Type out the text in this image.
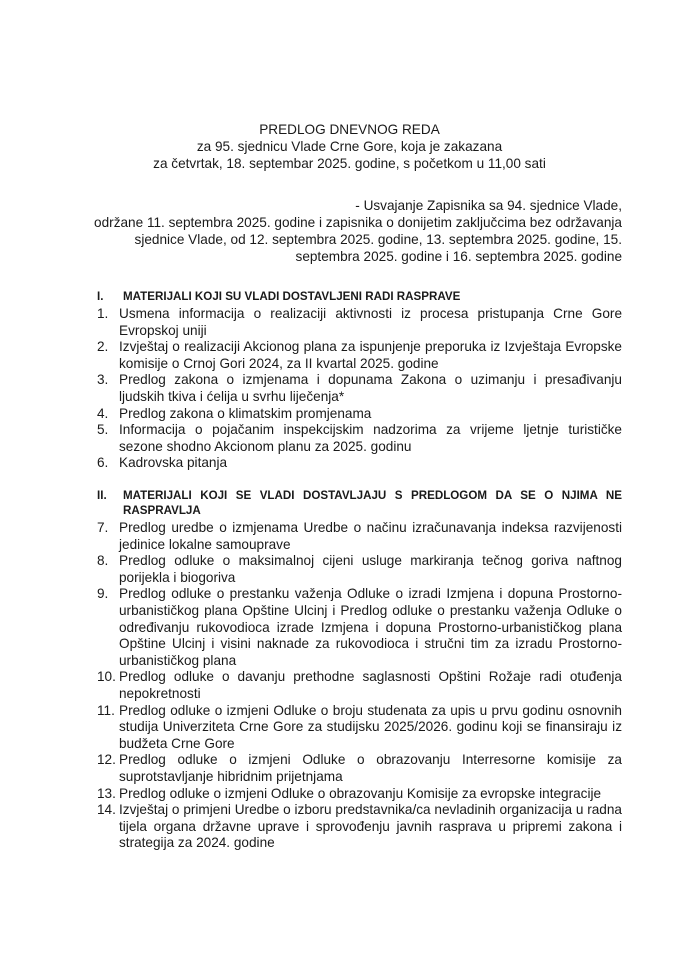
PREDLOG DNEVNOG REDA
za 95. sjednicu Vlade Crne Gore, koja je zakazana
za četvrtak, 18. septembar 2025. godine, s početkom u 11,00 sati
- Usvajanje Zapisnika sa 94. sjednice Vlade,
održane 11. septembra 2025. godine i zapisnika o donijetim zaključcima bez održavanja
sjednice Vlade, od 12. septembra 2025. godine, 13. septembra 2025. godine, 15.
septembra 2025. godine i 16. septembra 2025. godine
I.	MATERIJALI KOJI SU VLADI DOSTAVLJENI RADI RASPRAVE
1. Usmena informacija o realizaciji aktivnosti iz procesa pristupanja Crne Gore Evropskoj uniji
2. Izvještaj o realizaciji Akcionog plana za ispunjenje preporuka iz Izvještaja Evropske komisije o Crnoj Gori 2024, za II kvartal 2025. godine
3. Predlog zakona o izmjenama i dopunama Zakona o uzimanju i presađivanju ljudskih tkiva i ćelija u svrhu liječenja*
4. Predlog zakona o klimatskim promjenama
5. Informacija o pojačanim inspekcijskim nadzorima za vrijeme ljetnje turističke sezone shodno Akcionom planu za 2025. godinu
6. Kadrovska pitanja
II.	MATERIJALI KOJI SE VLADI DOSTAVLJAJU S PREDLOGOM DA SE O NJIMA NE RASPRAVLJA
7. Predlog uredbe o izmjenama Uredbe o načinu izračunavanja indeksa razvijenosti jedinice lokalne samouprave
8. Predlog odluke o maksimalnoj cijeni usluge markiranja tečnog goriva naftnog porijekla i biogoriva
9. Predlog odluke o prestanku važenja Odluke o izradi Izmjena i dopuna Prostorno-urbanističkog plana Opštine Ulcinj i Predlog odluke o prestanku važenja Odluke o određivanju rukovodioca izrade Izmjena i dopuna Prostorno-urbanističkog plana Opštine Ulcinj i visini naknade za rukovodioca i stručni tim za izradu Prostorno-urbanističkog plana
10. Predlog odluke o davanju prethodne saglasnosti Opštini Rožaje radi otuđenja nepokretnosti
11. Predlog odluke o izmjeni Odluke o broju studenata za upis u prvu godinu osnovnih studija Univerziteta Crne Gore za studijsku 2025/2026. godinu koji se finansiraju iz budžeta Crne Gore
12. Predlog odluke o izmjeni Odluke o obrazovanju Interresorne komisije za suprotstavljanje hibridnim prijetnjama
13. Predlog odluke o izmjeni Odluke o obrazovanju Komisije za evropske integracije
14. Izvještaj o primjeni Uredbe o izboru predstavnika/ca nevladinih organizacija u radna tijela organa državne uprave i sprovođenju javnih rasprava u pripremi zakona i strategija za 2024. godine
